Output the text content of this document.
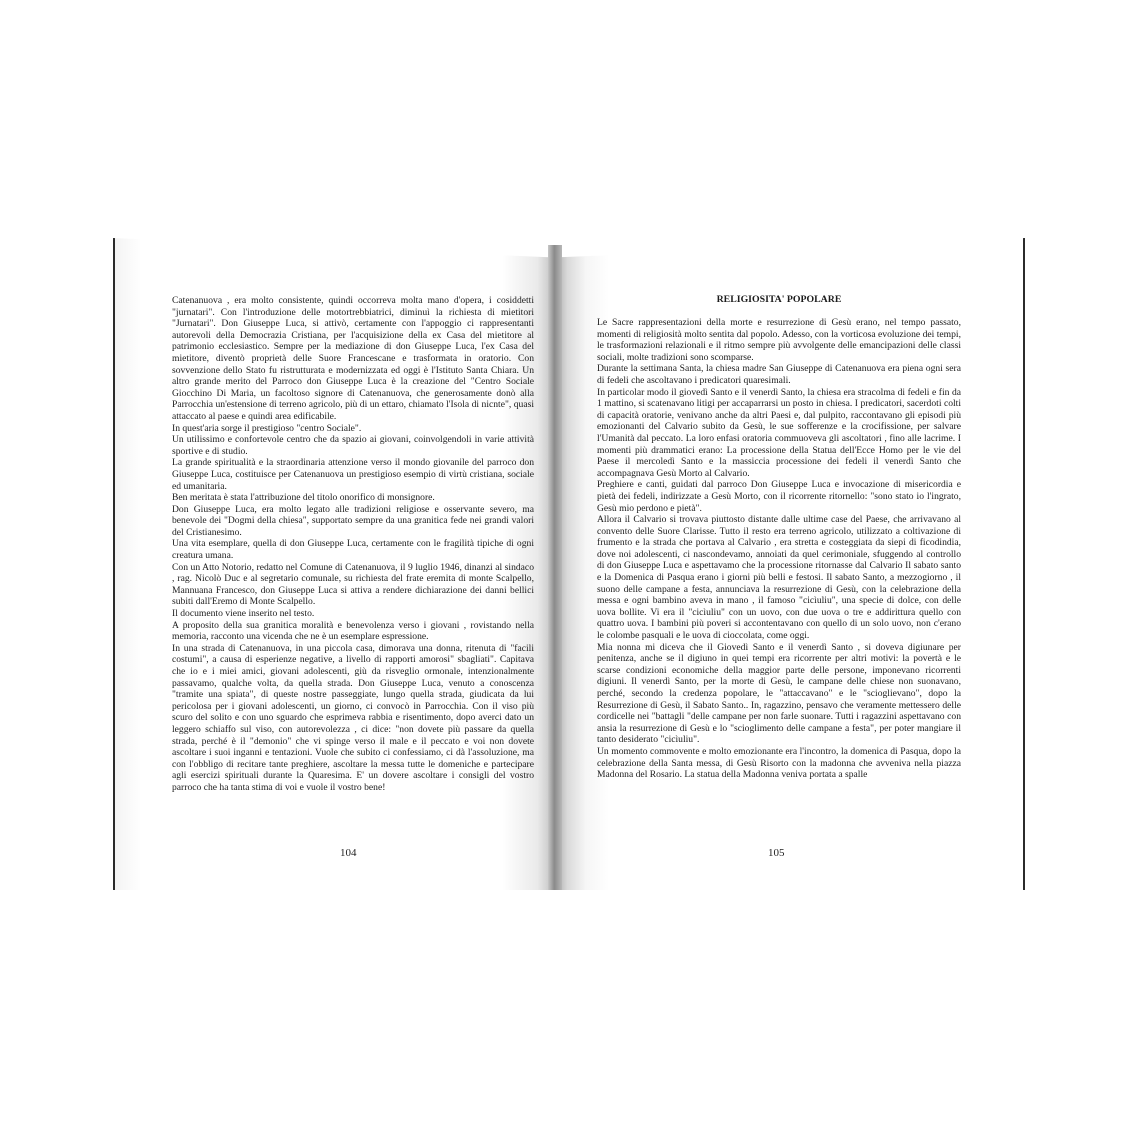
Catenanuova , era molto consistente, quindi occorreva molta mano d'opera, i cosiddetti "jurnatari". Con l'introduzione delle motortrebbiatrici, diminuì la richiesta di mietitori "Jurnatari". Don Giuseppe Luca, si attivò, certamente con l'appoggio ci rappresentanti autorevoli della Democrazia Cristiana, per l'acquisizione della ex Casa del mietitore al patrimonio ecclesiastico. Sempre per la mediazione di don Giuseppe Luca, l'ex Casa del mietitore, diventò proprietà delle Suore Francescane e trasformata in oratorio. Con sovvenzione dello Stato fu ristrutturata e modernizzata ed oggi è l'Istituto Santa Chiara. Un altro grande merito del Parroco don Giuseppe Luca è la creazione del "Centro Sociale Giocchino Di Maria, un facoltoso signore di Catenanuova, che generosamente donò alla Parrocchia un'estensione di terreno agricolo, più di un ettaro, chiamato l'Isola di nicnte", quasi attaccato al paese e quindi area edificabile.

In quest'aria sorge il prestigioso "centro Sociale".

Un utilissimo e confortevole centro che da spazio ai giovani, coinvolgendoli in varie attività sportive e di studio.

La grande spiritualità e la straordinaria attenzione verso il mondo giovanile del parroco don Giuseppe Luca, costituisce per Catenanuova un prestigioso esempio di virtù cristiana, sociale ed umanitaria.

Ben meritata è stata l'attribuzione del titolo onorifico di monsignore.

Don Giuseppe Luca, era molto legato alle tradizioni religiose e osservante severo, ma benevole dei "Dogmi della chiesa", supportato sempre da una granitica fede nei grandi valori del Cristianesimo.

Una vita esemplare, quella di don Giuseppe Luca, certamente con le fragilità tipiche di ogni creatura umana.

Con un Atto Notorio, redatto nel Comune di Catenanuova, il 9 luglio 1946, dinanzi al sindaco , rag. Nicolò Duc e al segretario comunale, su richiesta del frate eremita di monte Scalpello, Mannuana Francesco, don Giuseppe Luca si attiva a rendere dichiarazione dei danni bellici subiti dall'Eremo di Monte Scalpello.

Il documento viene inserito nel testo.

A proposito della sua granitica moralità e benevolenza verso i giovani , rovistando nella memoria, racconto una vicenda che ne è un esemplare espressione.

In una strada di Catenanuova, in una piccola casa, dimorava una donna, ritenuta di "facili costumi", a causa di esperienze negative, a livello di rapporti amorosi" sbagliati". Capitava che io e i miei amici, giovani adolescenti, giù da risveglio ormonale, intenzionalmente passavamo, qualche volta, da quella strada. Don Giuseppe Luca, venuto a conoscenza "tramite una spiata", di queste nostre passeggiate, lungo quella strada, giudicata da lui pericolosa per i giovani adolescenti, un giorno, ci convocò in Parrocchia. Con il viso più scuro del solito e con uno sguardo che esprimeva rabbia e risentimento, dopo averci dato un leggero schiaffo sul viso, con autorevolezza , ci dice: "non dovete più passare da quella strada, perché è il "demonio" che vi spinge verso il male e il peccato e voi non dovete ascoltare i suoi inganni e tentazioni. Vuole che subito ci confessiamo, ci dà l'assoluzione, ma con l'obbligo di recitare tante preghiere, ascoltare la messa tutte le domeniche e partecipare agli esercizi spirituali durante la Quaresima. E' un dovere ascoltare i consigli del vostro parroco che ha tanta stima di voi e vuole il vostro bene!

RELIGIOSITA' POPOLARE

Le Sacre rappresentazioni della morte e resurrezione di Gesù erano, nel tempo passato, momenti di religiosità molto sentita dal popolo. Adesso, con la vorticosa evoluzione dei tempi, le trasformazioni relazionali e il ritmo sempre più avvolgente delle emancipazioni delle classi sociali, molte tradizioni sono scomparse.

Durante la settimana Santa, la chiesa madre San Giuseppe di Catenanuova era piena ogni sera di fedeli che ascoltavano i predicatori quaresimali.

In particolar modo il giovedì Santo e il venerdì Santo, la chiesa era stracolma di fedeli e fin da 1 mattino, si scatenavano litigi per accaparrarsi un posto in chiesa. I predicatori, sacerdoti colti di capacità oratorie, venivano anche da altri Paesi e, dal pulpito, raccontavano gli episodi più emozionanti del Calvario subito da Gesù, le sue sofferenze e la crocifissione, per salvare l'Umanità dal peccato. La loro enfasi oratoria commuoveva gli ascoltatori , fino alle lacrime. I momenti più drammatici erano: La processione della Statua dell'Ecce Homo per le vie del Paese il mercoledì Santo e la massiccia processione dei fedeli il venerdì Santo che accompagnava Gesù Morto al Calvario.

Preghiere e canti, guidati dal parroco Don Giuseppe Luca e invocazione di misericordia e pietà dei fedeli, indirizzate a Gesù Morto, con il ricorrente ritornello: "sono stato io l'ingrato, Gesù mio perdono e pietà".

Allora il Calvario si trovava piuttosto distante dalle ultime case del Paese, che arrivavano al convento delle Suore Clarisse. Tutto il resto era terreno agricolo, utilizzato a coltivazione di frumento e la strada che portava al Calvario , era stretta e costeggiata da siepi di ficodindia, dove noi adolescenti, ci nascondevamo, annoiati da quel cerimoniale, sfuggendo al controllo di don Giuseppe Luca e aspettavamo che la processione ritornasse dal Calvario Il sabato santo e la Domenica di Pasqua erano i giorni più belli e festosi. Il sabato Santo, a mezzogiorno , il suono delle campane a festa, annunciava la resurrezione di Gesù, con la celebrazione della messa e ogni bambino aveva in mano , il famoso "cicìuliu", una specie di dolce, con delle uova bollite. Vi era il "cicìuliu" con un uovo, con due uova o tre e addirittura quello con quattro uova. I bambini più poveri si accontentavano con quello di un solo uovo, non c'erano le colombe pasquali e le uova di cioccolata, come oggi.

Mia nonna mi diceva che il Giovedì Santo e il venerdì Santo , si doveva digiunare per penitenza, anche se il digiuno in quei tempi era ricorrente per altri motivi: la povertà e le scarse condizioni economiche della maggior parte delle persone, imponevano ricorrenti digiuni. Il venerdì Santo, per la morte di Gesù, le campane delle chiese non suonavano, perché, secondo la credenza popolare, le "attaccavano" e le "scioglievano", dopo la Resurrezione di Gesù, il Sabato Santo.. In, ragazzino, pensavo che veramente mettessero delle cordicelle nei "battagli "delle campane per non farle suonare. Tutti i ragazzini aspettavano con ansia la resurrezione di Gesù e lo "scioglimento delle campane a festa", per poter mangiare il tanto desiderato "cicìuliu".

Un momento commovente e molto emozionante era l'incontro, la domenica di Pasqua, dopo la celebrazione della Santa messa, di Gesù Risorto con la madonna che avveniva nella piazza Madonna del Rosario. La statua della Madonna veniva portata a spalle

104	105
